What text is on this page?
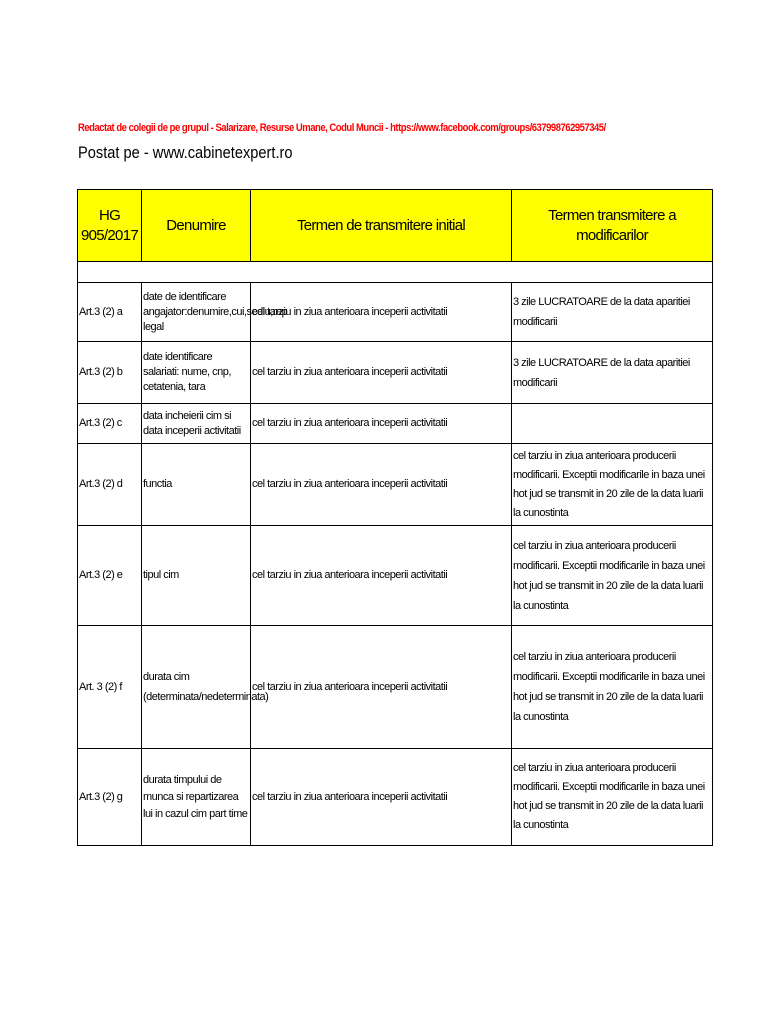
Redactat de colegii de pe grupul - Salarizare, Resurse Umane, Codul Muncii - https://www.facebook.com/groups/637998762957345/
Postat pe - www.cabinetexpert.ro
HG 905/2017	Denumire	Termen de transmitere initial	Termen transmitere a modificarilor

Art.3 (2) a	date de identificare angajator:denumire,cui,sediu,rep legal	cel tarziu in ziua anterioara inceperii activitatii	3 zile LUCRATOARE de la data aparitiei modificarii

Art.3 (2) b	date identificare salariati: nume, cnp, cetatenia, tara	cel tarziu in ziua anterioara inceperii activitatii	3 zile LUCRATOARE de la data aparitiei modificarii

Art.3 (2) c	data incheierii cim si data inceperii activitatii	cel tarziu in ziua anterioara inceperii activitatii	

Art.3 (2) d	functia	cel tarziu in ziua anterioara inceperii activitatii	cel tarziu in ziua anterioara producerii modificarii. Exceptii modificarile in baza unei hot jud se transmit in 20 zile de la data luarii la cunostinta

Art.3 (2) e	tipul cim	cel tarziu in ziua anterioara inceperii activitatii	cel tarziu in ziua anterioara producerii modificarii. Exceptii modificarile in baza unei hot jud se transmit in 20 zile de la data luarii la cunostinta

Art. 3 (2) f	durata cim (determinata/nedeterminata)	cel tarziu in ziua anterioara inceperii activitatii	cel tarziu in ziua anterioara producerii modificarii. Exceptii modificarile in baza unei hot jud se transmit in 20 zile de la data luarii la cunostinta

Art.3 (2) g	durata timpului de munca si repartizarea lui in cazul cim part time	cel tarziu in ziua anterioara inceperii activitatii	cel tarziu in ziua anterioara producerii modificarii. Exceptii modificarile in baza unei hot jud se transmit in 20 zile de la data luarii la cunostinta
